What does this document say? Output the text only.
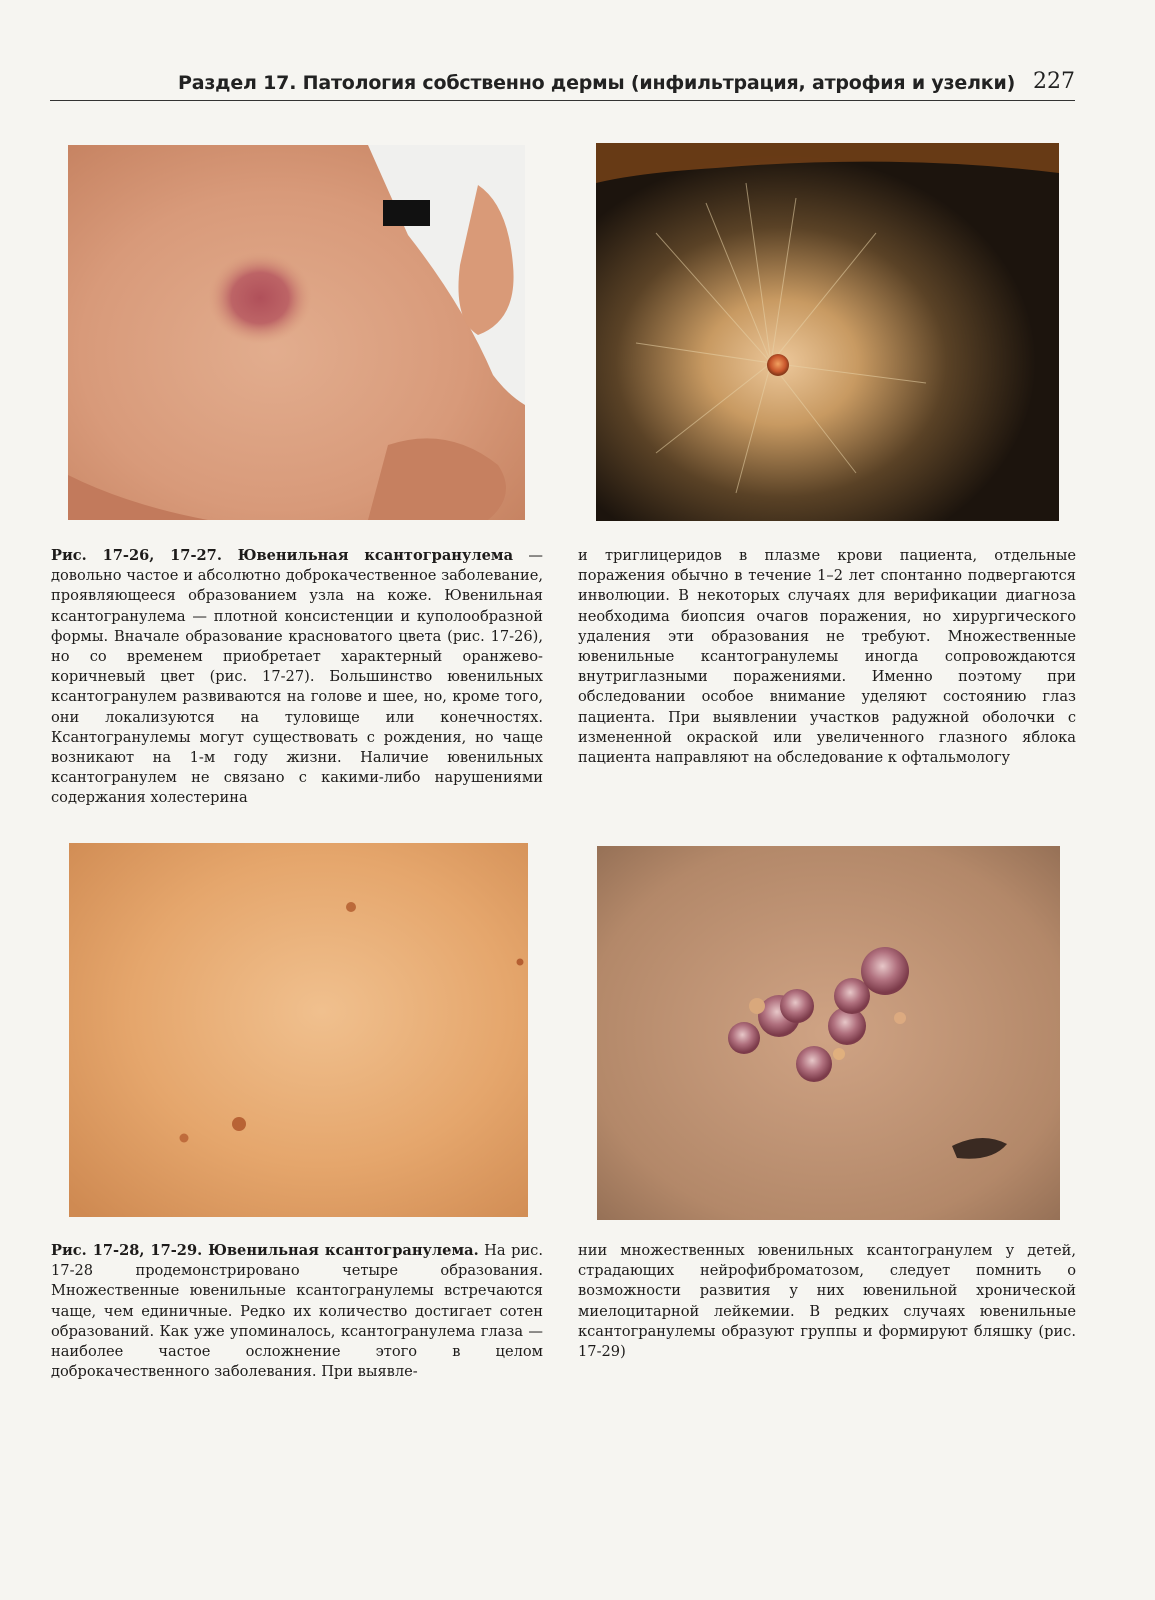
Раздел 17. Патология собственно дермы (инфильтрация, атрофия и узелки) 227

Рис. 17-26, 17-27. Ювенильная ксантогранулема — довольно частое и абсолютно доброкачественное заболевание, проявляющееся образованием узла на коже. Ювенильная ксантогранулема — плотной консистенции и куполообразной формы. Вначале образование красноватого цвета (рис. 17-26), но со временем приобретает характерный оранжево-коричневый цвет (рис. 17-27). Большинство ювенильных ксантогранулем развиваются на голове и шее, но, кроме того, они локализуются на туловище или конечностях. Ксантогранулемы могут существовать с рождения, но чаще возникают на 1-м году жизни. Наличие ювенильных ксантогранулем не связано с какими-либо нарушениями содержания холестерина

и триглицеридов в плазме крови пациента, отдельные поражения обычно в течение 1–2 лет спонтанно подвергаются инволюции. В некоторых случаях для верификации диагноза необходима биопсия очагов поражения, но хирургического удаления эти образования не требуют. Множественные ювенильные ксантогранулемы иногда сопровождаются внутриглазными поражениями. Именно поэтому при обследовании особое внимание уделяют состоянию глаз пациента. При выявлении участков радужной оболочки с измененной окраской или увеличенного глазного яблока пациента направляют на обследование к офтальмологу

Рис. 17-28, 17-29. Ювенильная ксантогранулема. На рис. 17-28 продемонстрировано четыре образования. Множественные ювенильные ксантогранулемы встречаются чаще, чем единичные. Редко их количество достигает сотен образований. Как уже упоминалось, ксантогранулема глаза — наиболее частое осложнение этого в целом доброкачественного заболевания. При выявле-

нии множественных ювенильных ксантогранулем у детей, страдающих нейрофиброматозом, следует помнить о возможности развития у них ювенильной хронической миелоцитарной лейкемии. В редких случаях ювенильные ксантогранулемы образуют группы и формируют бляшку (рис. 17-29)
